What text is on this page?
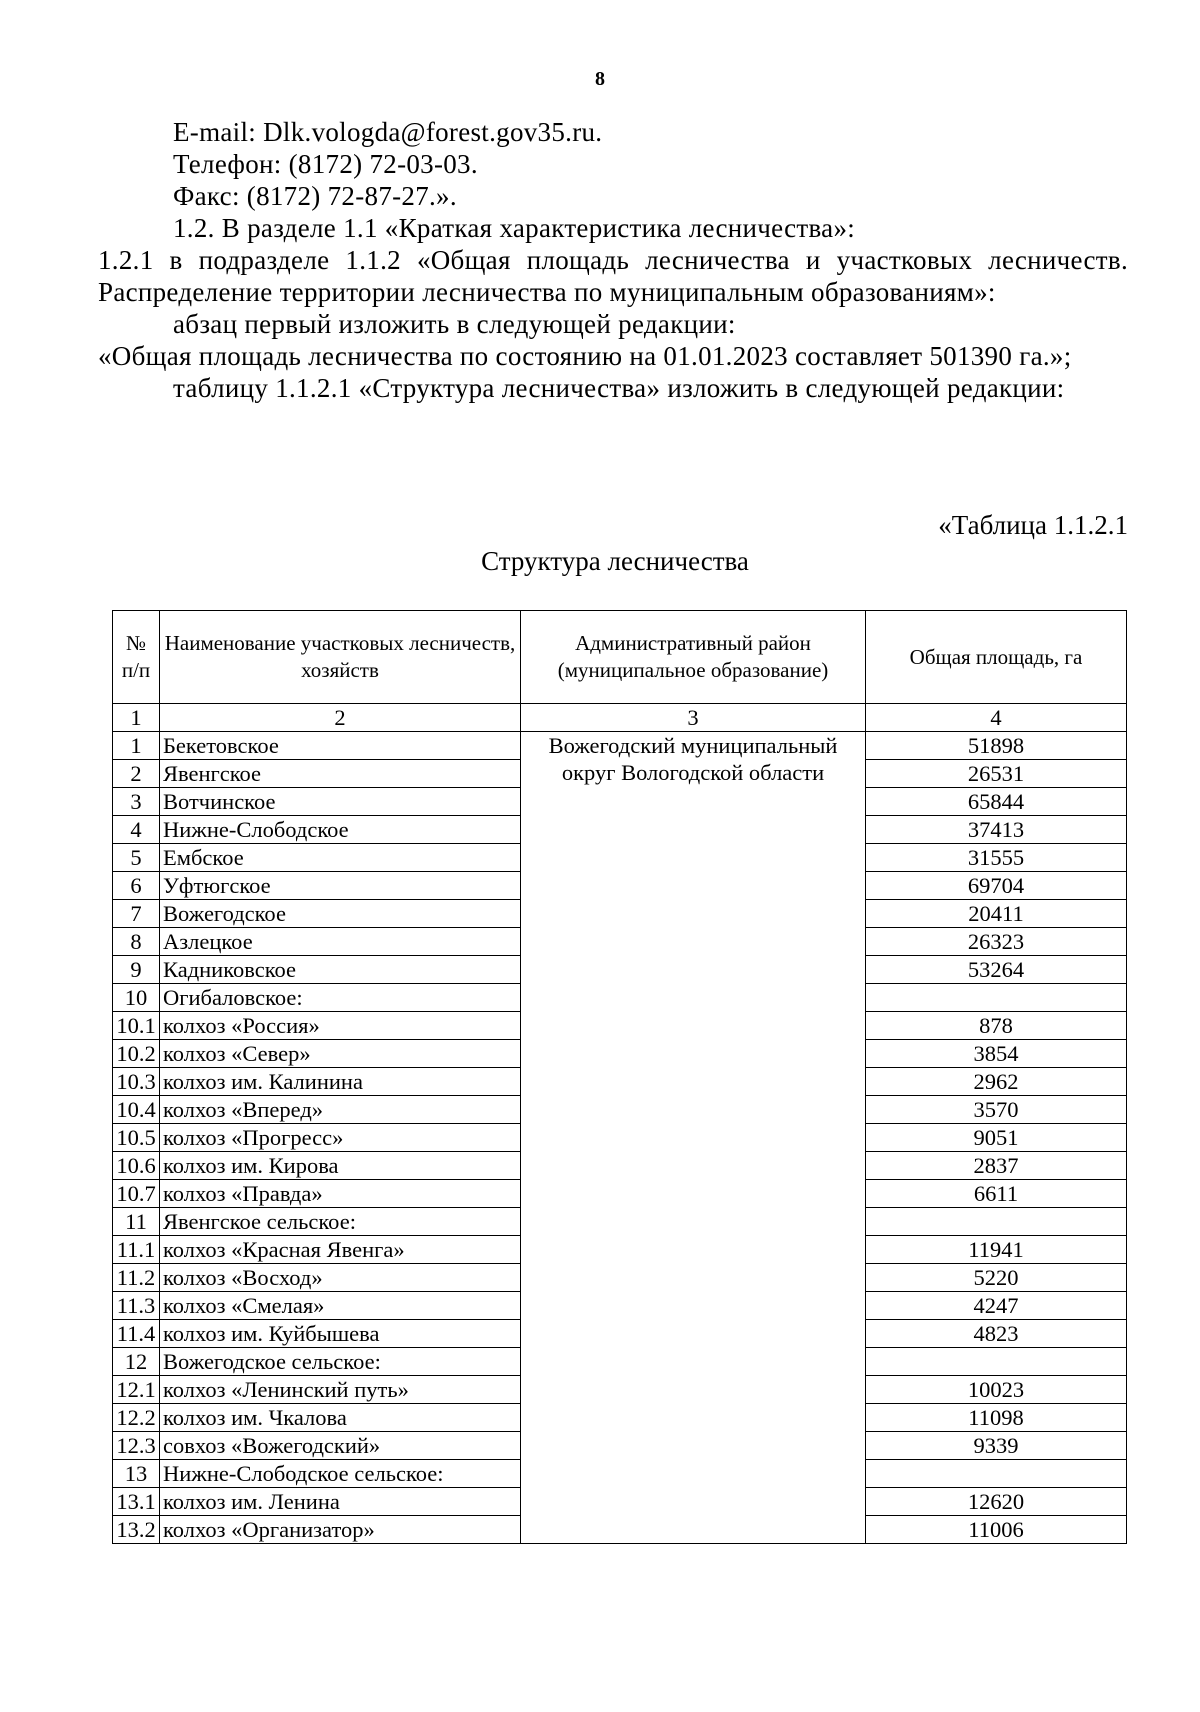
8

E-mail: Dlk.vologda@forest.gov35.ru.

Телефон: (8172) 72-03-03.

Факс: (8172) 72-87-27.».

1.2. В разделе 1.1 «Краткая характеристика лесничества»:

1.2.1 в подразделе 1.1.2 «Общая площадь лесничества и участковых лесничеств. Распределение территории лесничества по муниципальным образованиям»:

абзац первый изложить в следующей редакции:

«Общая площадь лесничества по состоянию на 01.01.2023 составляет 501390 га.»;

таблицу 1.1.2.1 «Структура лесничества» изложить в следующей редакции:

«Таблица 1.1.2.1
Структура лесничества
№ п/п	Наименование участковых лесничеств, хозяйств	Административный район (муниципальное образование)	Общая площадь, га
1	2	3	4
1	Бекетовское	Вожегодский муниципальный округ Вологодской области	51898
2	Явенгское		26531
3	Вотчинское		65844
4	Нижне-Слободское		37413
5	Ембское		31555
6	Уфтюгское		69704
7	Вожегодское		20411
8	Азлецкое		26323
9	Кадниковское		53264
10	Огибаловское:		
10.1	колхоз «Россия»		878
10.2	колхоз «Север»		3854
10.3	колхоз им. Калинина		2962
10.4	колхоз «Вперед»		3570
10.5	колхоз «Прогресс»		9051
10.6	колхоз им. Кирова		2837
10.7	колхоз «Правда»		6611
11	Явенгское сельское:		
11.1	колхоз «Красная Явенга»		11941
11.2	колхоз «Восход»		5220
11.3	колхоз «Смелая»		4247
11.4	колхоз им. Куйбышева		4823
12	Вожегодское сельское:		
12.1	колхоз «Ленинский путь»		10023
12.2	колхоз им. Чкалова		11098
12.3	совхоз «Вожегодский»		9339
13	Нижне-Слободское сельское:		
13.1	колхоз им. Ленина		12620
13.2	колхоз «Организатор»		11006
